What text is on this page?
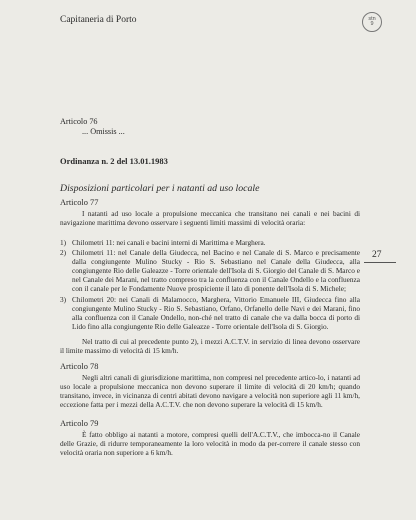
Capitaneria di Porto	stn
9
Articolo 76
... Omissis ...
Ordinanza n. 2 del 13.01.1983
Disposizioni particolari per i natanti ad uso locale
Articolo 77

I natanti ad uso locale a propulsione meccanica che transitano nei canali e nei bacini di navigazione marittima devono osservare i seguenti limiti massimi di velocità oraria:

1) Chilometri 11: nei canali e bacini interni di Marittima e Marghera.
2) Chilometri 11: nel Canale della Giudecca, nel Bacino e nel Canale di S. Marco e precisamente dalla congiungente Mulino Stucky - Rio S. Sebastiano nel Canale della Giudecca, alla congiungente Rio delle Galeazze - Torre orientale dell'Isola di S. Giorgio del Canale di S. Marco e nel Canale dei Marani, nel tratto compreso tra la confluenza con il Canale Ondello e la confluenza con il canale per le Fondamente Nuove prospiciente il lato di ponente dell'Isola di S. Michele;
3) Chilometri 20: nei Canali di Malamocco, Marghera, Vittorio Emanuele III, Giudecca fino alla congiungente Mulino Stucky - Rio S. Sebastiano, Orfano, Orfanello delle Navi e dei Marani, fino alla confluenza con il Canale Ondello, non-ché nel tratto di canale che va dalla bocca di porto di Lido fino alla congiungente Rio delle Galeazze - Torre orientale dell'Isola di S. Giorgio.

Nel tratto di cui al precedente punto 2), i mezzi A.C.T.V. in servizio di linea devono osservare il limite massimo di velocità di 15 km/h.

Articolo 78

Negli altri canali di giurisdizione marittima, non compresi nel precedente artico-lo, i natanti ad uso locale a propulsione meccanica non devono superare il limite di velocità di 20 km/h; quando transitano, invece, in vicinanza di centri abitati devono navigare a velocità non superiore agli 11 km/h, eccezione fatta per i mezzi della A.C.T.V. che non devono superare la velocità di 15 km/h.

Articolo 79

È fatto obbligo ai natanti a motore, compresi quelli dell'A.C.T.V., che imbocca-no il Canale delle Grazie, di ridurre temporaneamente la loro velocità in modo da per-correre il canale stesso con velocità oraria non superiore a 6 km/h.

27
